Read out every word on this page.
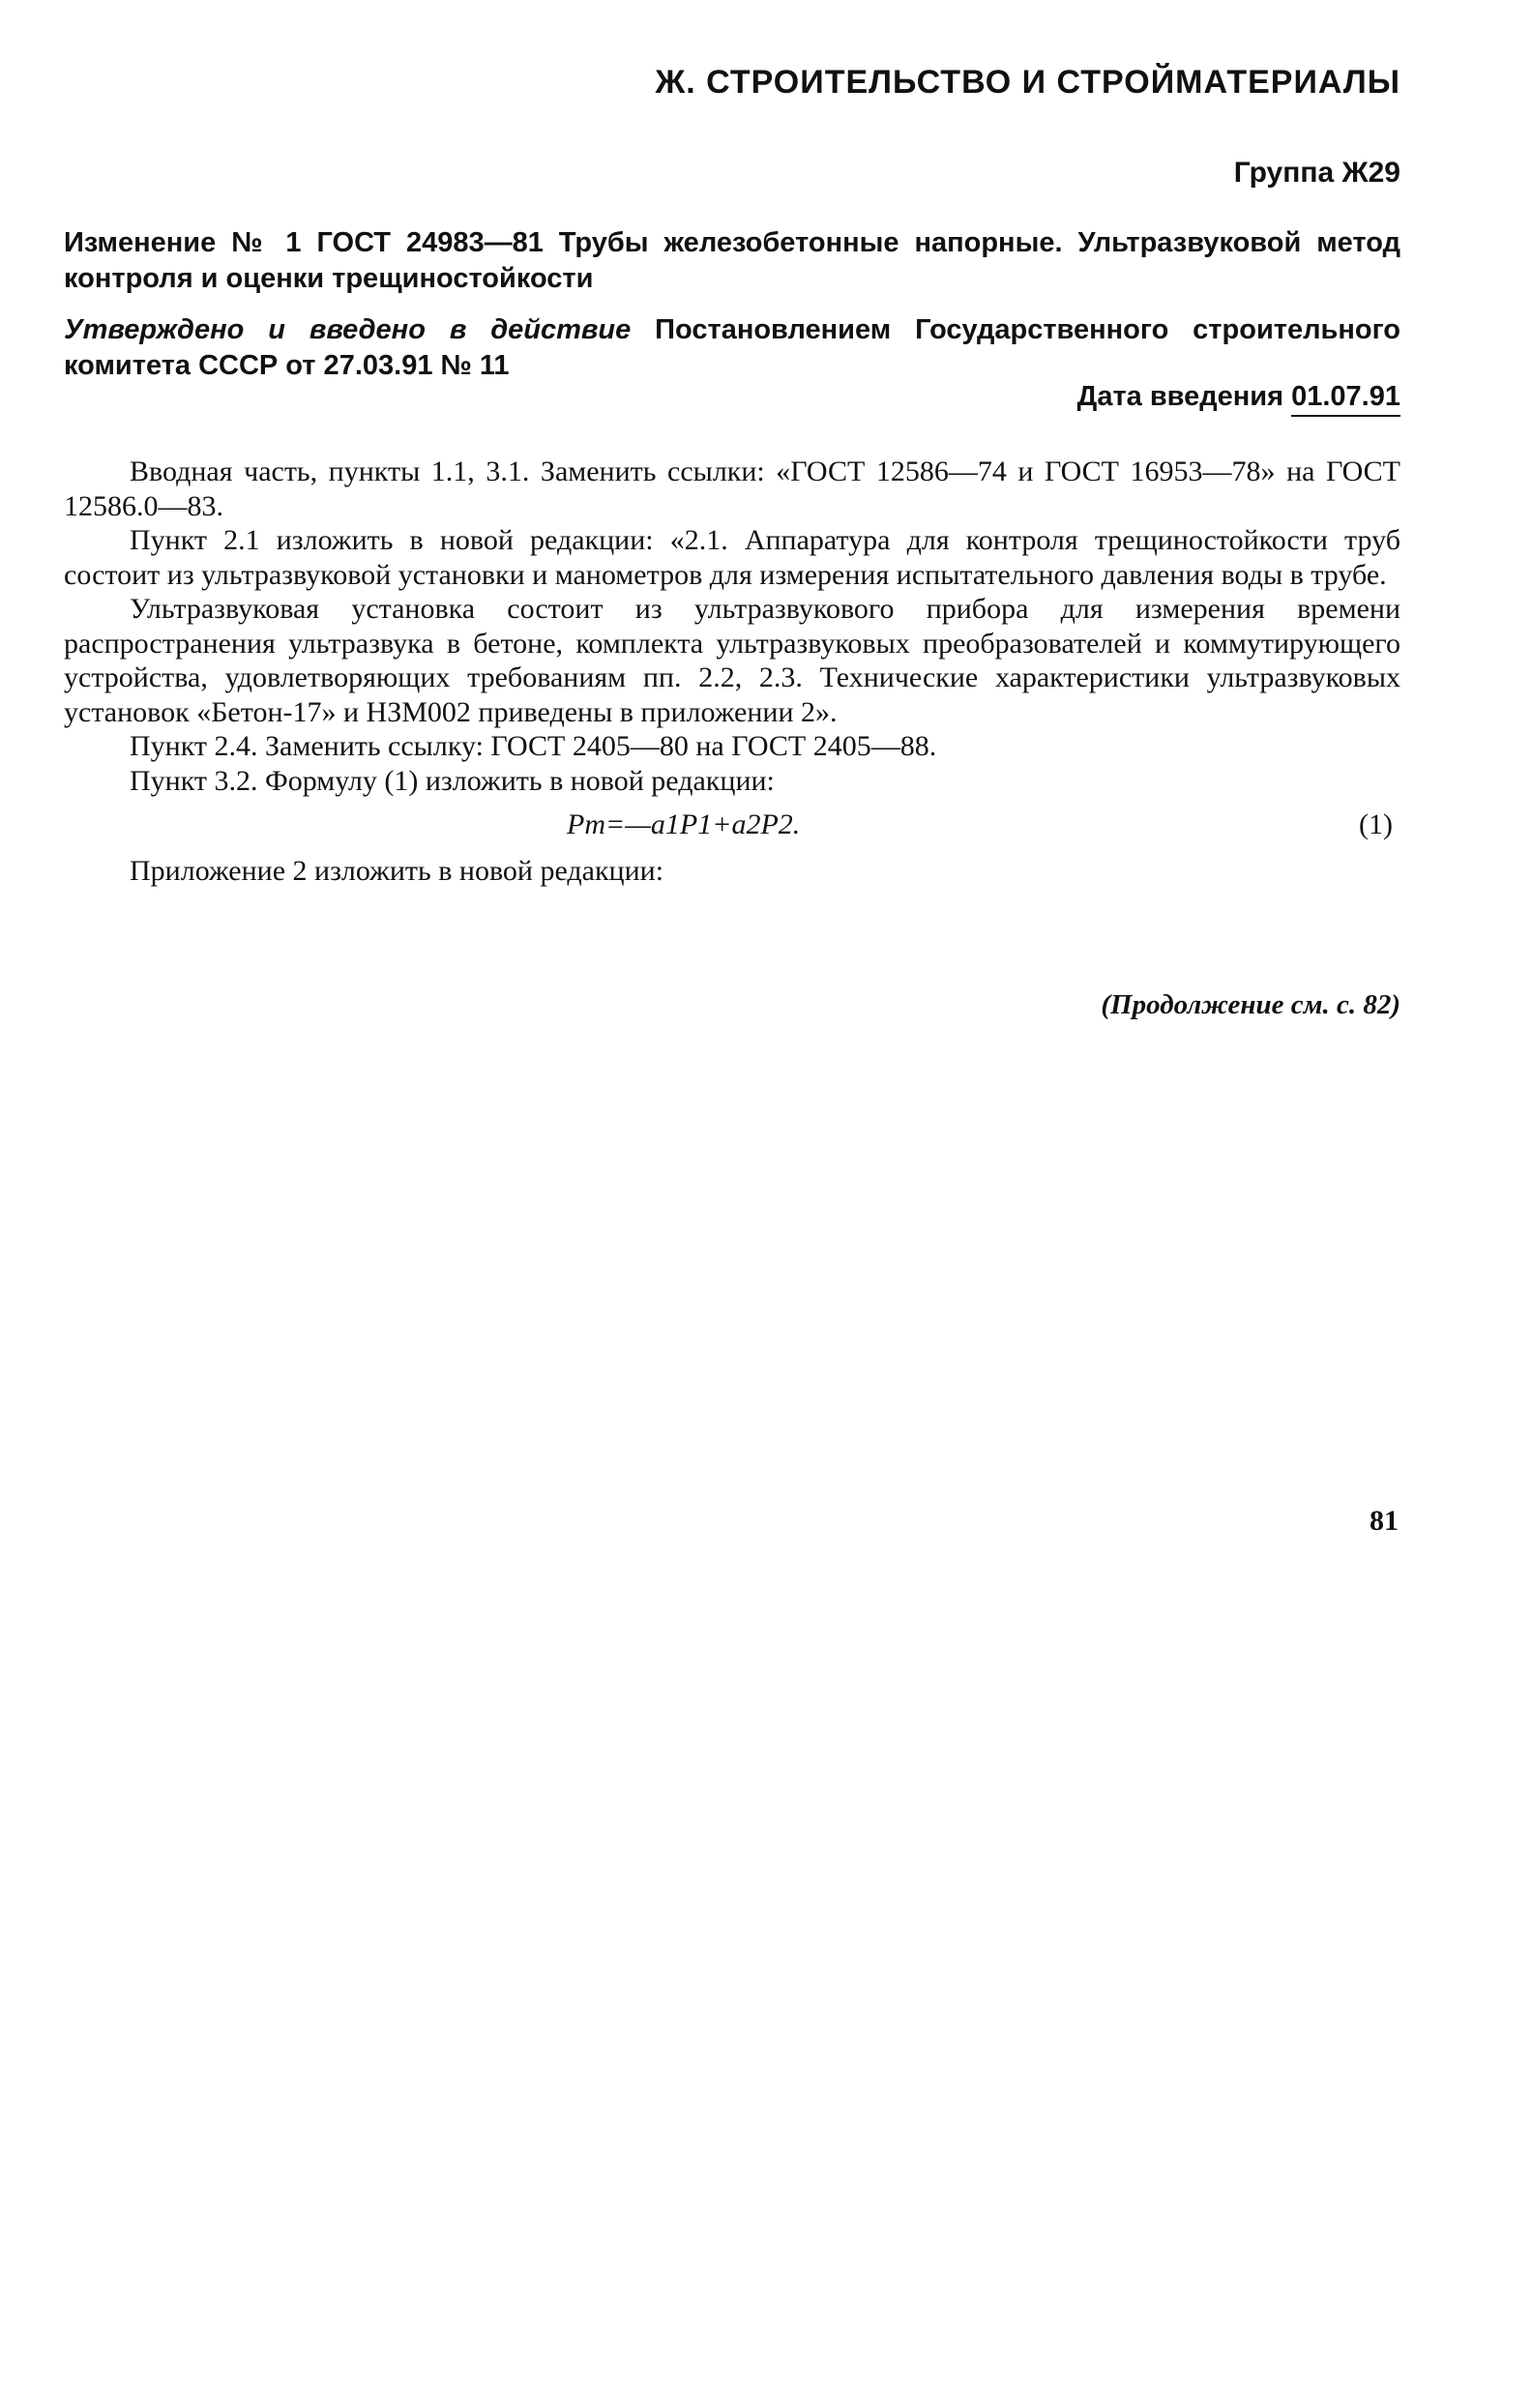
Ж. СТРОИТЕЛЬСТВО И СТРОЙМАТЕРИАЛЫ
Группа Ж29
Изменение № 1 ГОСТ 24983—81 Трубы железобетонные напорные. Ультразвуковой метод контроля и оценки трещиностойкости
Утверждено и введено в действие Постановлением Государственного строительного комитета СССР от 27.03.91 № 11
Дата введения 01.07.91

Вводная часть, пункты 1.1, 3.1. Заменить ссылки: «ГОСТ 12586—74 и ГОСТ 16953—78» на ГОСТ 12586.0—83.

Пункт 2.1 изложить в новой редакции: «2.1. Аппаратура для контроля трещиностойкости труб состоит из ультразвуковой установки и манометров для измерения испытательного давления воды в трубе.

Ультразвуковая установка состоит из ультразвукового прибора для измерения времени распространения ультразвука в бетоне, комплекта ультразвуковых преобразователей и коммутирующего устройства, удовлетворяющих требованиям пп. 2.2, 2.3. Технические характеристики ультразвуковых установок «Бетон-17» и НЗМ002 приведены в приложении 2».

Пункт 2.4. Заменить ссылку: ГОСТ 2405—80 на ГОСТ 2405—88.

Пункт 3.2. Формулу (1) изложить в новой редакции:

Pт=—a1P1+a2P2.	(1)

Приложение 2 изложить в новой редакции:

(Продолжение см. с. 82)
81
